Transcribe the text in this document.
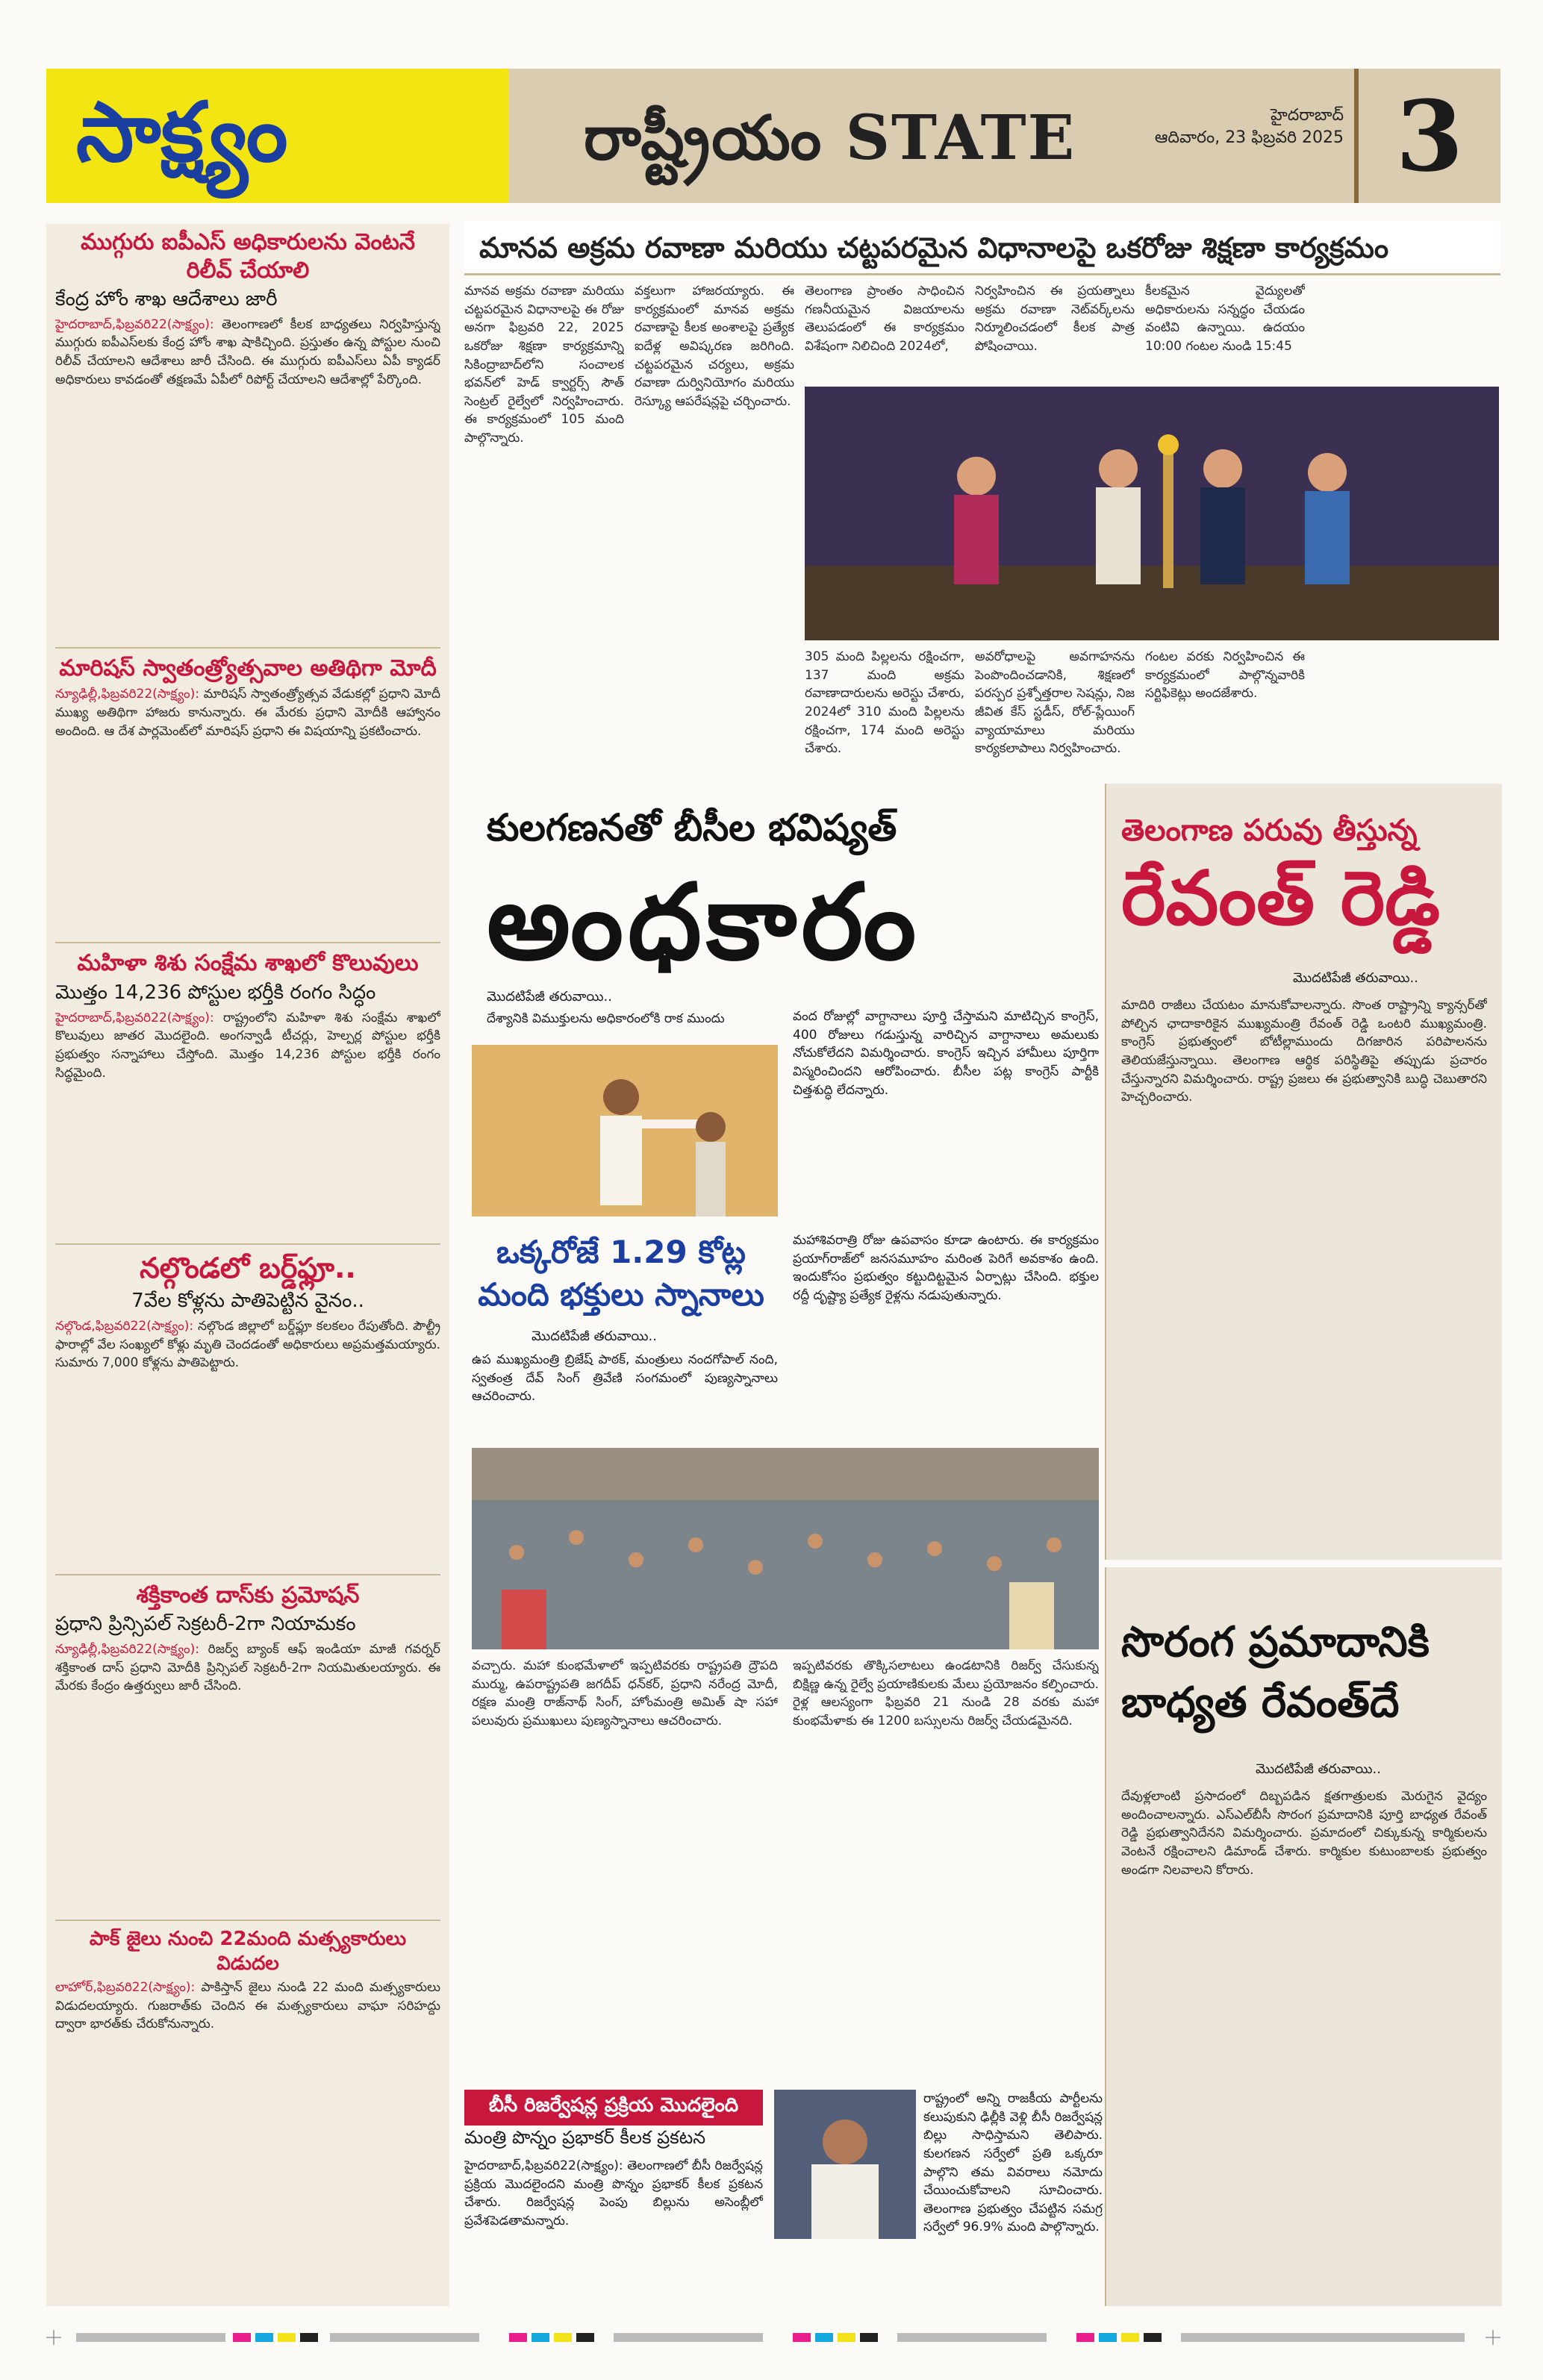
సాక్ష్యం	రాష్ట్రీయం STATE	హైదరాబాద్
ఆదివారం, 23 ఫిబ్రవరి 2025 3
ముగ్గురు ఐపీఎస్ అధికారులను వెంటనే రిలీవ్ చేయాలి
కేంద్ర హోం శాఖ ఆదేశాలు జారీ
హైదరాబాద్,ఫిబ్రవరి22(సాక్ష్యం): తెలంగాణలో కీలక బాధ్యతలు నిర్వహిస్తున్న ముగ్గురు ఐపీఎస్‌లకు కేంద్ర హోం శాఖ షాకిచ్చింది. ప్రస్తుతం ఉన్న పోస్టుల నుంచి రిలీవ్ చేయాలని ఆదేశాలు జారీ చేసింది. ఈ ముగ్గురు ఐపీఎస్‌లు ఏపీ క్యాడర్ అధికారులు కావడంతో తక్షణమే ఏపీలో రిపోర్ట్ చేయాలని ఆదేశాల్లో పేర్కొంది.
మారిషస్ స్వాతంత్ర్యోత్సవాల అతిథిగా మోదీ
న్యూఢిల్లీ,ఫిబ్రవరి22(సాక్ష్యం): మారిషస్ స్వాతంత్ర్యోత్సవ వేడుకల్లో ప్రధాని మోదీ ముఖ్య అతిథిగా హాజరు కానున్నారు. ఈ మేరకు ప్రధాని మోదీకి ఆహ్వానం అందింది. ఆ దేశ పార్లమెంట్‌లో మారిషస్ ప్రధాని ఈ విషయాన్ని ప్రకటించారు.
మహిళా శిశు సంక్షేమ శాఖలో కొలువులు
మొత్తం 14,236 పోస్టుల భర్తీకి రంగం సిద్ధం
హైదరాబాద్,ఫిబ్రవరి22(సాక్ష్యం): రాష్ట్రంలోని మహిళా శిశు సంక్షేమ శాఖలో కొలువులు జాతర మొదలైంది. అంగన్వాడీ టీచర్లు, హెల్పర్ల పోస్టుల భర్తీకి ప్రభుత్వం సన్నాహాలు చేస్తోంది. మొత్తం 14,236 పోస్టుల భర్తీకి రంగం సిద్ధమైంది.
నల్గొండలో బర్డ్‌ఫ్లూ..
7వేల కోళ్లను పాతిపెట్టిన వైనం..
నల్గొండ,ఫిబ్రవరి22(సాక్ష్యం): నల్గొండ జిల్లాలో బర్డ్‌ఫ్లూ కలకలం రేపుతోంది. పౌల్ట్రీ ఫారాల్లో వేల సంఖ్యలో కోళ్లు మృతి చెందడంతో అధికారులు అప్రమత్తమయ్యారు. సుమారు 7,000 కోళ్లను పాతిపెట్టారు.
శక్తికాంత దాస్‌కు ప్రమోషన్
ప్రధాని ప్రిన్సిపల్ సెక్రటరీ-2గా నియామకం
న్యూఢిల్లీ,ఫిబ్రవరి22(సాక్ష్యం): రిజర్వ్ బ్యాంక్ ఆఫ్ ఇండియా మాజీ గవర్నర్ శక్తికాంత దాస్ ప్రధాని మోదీకి ప్రిన్సిపల్ సెక్రటరీ-2గా నియమితులయ్యారు. ఈ మేరకు కేంద్రం ఉత్తర్వులు జారీ చేసింది.
పాక్ జైలు నుంచి 22మంది మత్స్యకారులు విడుదల
లాహోర్,ఫిబ్రవరి22(సాక్ష్యం): పాకిస్తాన్ జైలు నుండి 22 మంది మత్స్యకారులు విడుదలయ్యారు. గుజరాత్‌కు చెందిన ఈ మత్స్యకారులు వాఘా సరిహద్దు ద్వారా భారత్‌కు చేరుకోనున్నారు.
మానవ అక్రమ రవాణా మరియు చట్టపరమైన విధానాలపై ఒకరోజు శిక్షణా కార్యక్రమం
మానవ అక్రమ రవాణా మరియు చట్టపరమైన విధానాలపై ఈ రోజు అనగా ఫిబ్రవరి 22, 2025 ఒకరోజు శిక్షణా కార్యక్రమాన్ని సికింద్రాబాద్‌లోని సంచాలక భవన్‌లో హెడ్ క్వార్టర్స్ సౌత్ సెంట్రల్ రైల్వేలో నిర్వహించారు. ఈ కార్యక్రమంలో 105 మంది పాల్గొన్నారు.
వక్తలుగా హాజరయ్యారు. ఈ కార్యక్రమంలో మానవ అక్రమ రవాణాపై కీలక అంశాలపై ప్రత్యేక ఐదేళ్ల అవిష్కరణ జరిగింది. చట్టపరమైన చర్యలు, అక్రమ రవాణా దుర్వినియోగం మరియు రెస్క్యూ ఆపరేషన్లపై చర్చించారు.
తెలంగాణ ప్రాంతం సాధించిన గణనీయమైన విజయాలను తెలుపడంలో ఈ కార్యక్రమం విశేషంగా నిలిచింది 2024లో,
నిర్వహించిన ఈ ప్రయత్నాలు అక్రమ రవాణా నెట్‌వర్క్‌లను నిర్మూలించడంలో కీలక పాత్ర పోషించాయి.
కీలకమైన వైద్యులతో అధికారులను సన్నద్ధం చేయడం వంటివి ఉన్నాయి. ఉదయం 10:00 గంటల నుండి 15:45
305 మంది పిల్లలను రక్షించగా, 137 మంది అక్రమ రవాణాదారులను అరెస్టు చేశారు, 2024లో 310 మంది పిల్లలను రక్షించగా, 174 మంది అరెస్టు చేశారు.
అవరోధాలపై అవగాహనను పెంపొందించడానికి, శిక్షణలో పరస్పర ప్రశ్నోత్తరాల సెషన్లు, నిజ జీవిత కేస్ స్టడీస్, రోల్-ప్లేయింగ్ వ్యాయామాలు మరియు కార్యకలాపాలు నిర్వహించారు.
గంటల వరకు నిర్వహించిన ఈ కార్యక్రమంలో పాల్గొన్నవారికి సర్టిఫికెట్లు అందజేశారు.
కులగణనతో బీసీల భవిష్యత్
అంధకారం
మొదటిపేజీ తరువాయి..
దేశ్యానికి విముక్తులను అధికారంలోకి రాక ముందు	వంద రోజుల్లో వాగ్దానాలు పూర్తి చేస్తామని మాటిచ్చిన కాంగ్రెస్, 400 రోజులు గడుస్తున్న వారిచ్చిన వాగ్దానాలు అమలుకు నోచుకోలేదని విమర్శించారు. కాంగ్రెస్ ఇచ్చిన హామీలు పూర్తిగా విస్మరించిందని ఆరోపించారు. బీసీల పట్ల కాంగ్రెస్ పార్టీకి చిత్తశుద్ధి లేదన్నారు.
తెలంగాణ పరువు తీస్తున్న
రేవంత్ రెడ్డి
మొదటిపేజీ తరువాయి..
మాదిరి రాజీలు చేయటం మానుకోవాలన్నారు. సొంత రాష్ట్రాన్ని క్యాన్సర్‌తో పోల్చిన ఛాదాకారికైన ముఖ్యమంత్రి రేవంత్ రెడ్డి ఒంటరి ముఖ్యమంత్రి. కాంగ్రెస్ ప్రభుత్వంలో బోటీల్లాముందు దిగజారిన పరిపాలనను తెలియజేస్తున్నాయి. తెలంగాణ ఆర్థిక పరిస్థితిపై తప్పుడు ప్రచారం చేస్తున్నారని విమర్శించారు. రాష్ట్ర ప్రజలు ఈ ప్రభుత్వానికి బుద్ధి చెబుతారని హెచ్చరించారు.
సొరంగ ప్రమాదానికి బాధ్యత రేవంత్‌దే
మొదటిపేజీ తరువాయి..
దేవుళ్లలాంటి ప్రసాదంలో దిబ్బపడిన క్షతగాత్రులకు మెరుగైన వైద్యం అందించాలన్నారు. ఎస్ఎల్‌బీసీ సొరంగ ప్రమాదానికి పూర్తి బాధ్యత రేవంత్ రెడ్డి ప్రభుత్వానిదేనని విమర్శించారు. ప్రమాదంలో చిక్కుకున్న కార్మికులను వెంటనే రక్షించాలని డిమాండ్ చేశారు. కార్మికుల కుటుంబాలకు ప్రభుత్వం అండగా నిలవాలని కోరారు.
ఒక్కరోజే 1.29 కోట్ల మంది భక్తులు స్నానాలు
మొదటిపేజీ తరువాయి..
ఉప ముఖ్యమంత్రి బ్రిజేష్ పాఠక్, మంత్రులు నందగోపాల్ నంది, స్వతంత్ర దేవ్ సింగ్ త్రివేణి సంగమంలో పుణ్యస్నానాలు ఆచరించారు.
మహాశివరాత్రి రోజు ఉపవాసం కూడా ఉంటారు. ఈ కార్యక్రమం ప్రయాగ్‌రాజ్‌లో జనసమూహం మరింత పెరిగే అవకాశం ఉంది. ఇందుకోసం ప్రభుత్వం కట్టుదిట్టమైన ఏర్పాట్లు చేసింది. భక్తుల రద్దీ దృష్ట్యా ప్రత్యేక రైళ్లను నడుపుతున్నారు.
వచ్చారు. మహా కుంభమేళాలో ఇప్పటివరకు రాష్ట్రపతి ద్రౌపది ముర్ము, ఉపరాష్ట్రపతి జగదీప్ ధన్‌కర్, ప్రధాని నరేంద్ర మోదీ, రక్షణ మంత్రి రాజ్‌నాథ్ సింగ్, హోంమంత్రి అమిత్ షా సహా పలువురు ప్రముఖులు పుణ్యస్నానాలు ఆచరించారు.
ఇప్పటివరకు తొక్కిసలాటలు ఉండటానికి రిజర్వ్ చేసుకున్న బిక్షిణ్ణ ఉన్న రైల్వే ప్రయాణికులకు మేలు ప్రయోజనం కల్పించారు. రైళ్ల ఆలస్యంగా ఫిబ్రవరి 21 నుండి 28 వరకు మహా కుంభమేళాకు ఈ 1200 బస్సులను రిజర్వ్ చేయడమైనది.
బీసీ రిజర్వేషన్ల ప్రక్రియ మొదలైంది
మంత్రి పొన్నం ప్రభాకర్ కీలక ప్రకటన
హైదరాబాద్,ఫిబ్రవరి22(సాక్ష్యం): తెలంగాణలో బీసీ రిజర్వేషన్ల ప్రక్రియ మొదలైందని మంత్రి పొన్నం ప్రభాకర్ కీలక ప్రకటన చేశారు. రిజర్వేషన్ల పెంపు బిల్లును అసెంబ్లీలో ప్రవేశపెడతామన్నారు.
రాష్ట్రంలో అన్ని రాజకీయ పార్టీలను కలుపుకుని ఢిల్లీకి వెళ్లి బీసీ రిజర్వేషన్ల బిల్లు సాధిస్తామని తెలిపారు. కులగణన సర్వేలో ప్రతి ఒక్కరూ పాల్గొని తమ వివరాలు నమోదు చేయించుకోవాలని సూచించారు. తెలంగాణ ప్రభుత్వం చేపట్టిన సమగ్ర సర్వేలో 96.9% మంది పాల్గొన్నారు.
